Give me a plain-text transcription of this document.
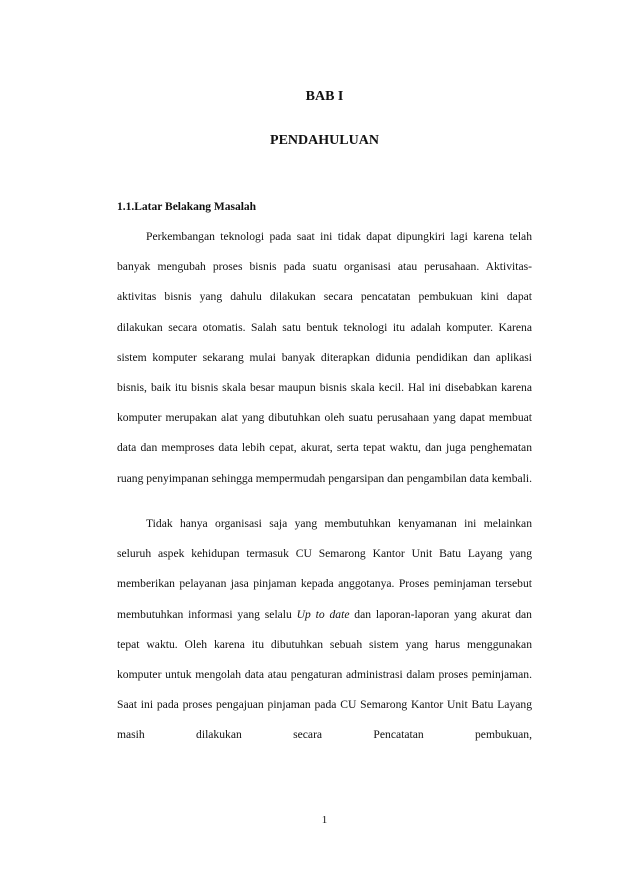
BAB I
PENDAHULUAN
1.1.Latar Belakang Masalah

Perkembangan teknologi pada saat ini tidak dapat dipungkiri lagi karena telah banyak mengubah proses bisnis pada suatu organisasi atau perusahaan. Aktivitas-aktivitas bisnis yang dahulu dilakukan secara pencatatan pembukuan kini dapat dilakukan secara otomatis. Salah satu bentuk teknologi itu adalah komputer. Karena sistem komputer sekarang mulai banyak diterapkan didunia pendidikan dan aplikasi bisnis, baik itu bisnis skala besar maupun bisnis skala kecil. Hal ini disebabkan karena komputer merupakan alat yang dibutuhkan oleh suatu perusahaan yang dapat membuat data dan memproses data lebih cepat, akurat, serta tepat waktu, dan juga penghematan ruang penyimpanan sehingga mempermudah pengarsipan dan pengambilan data kembali.

Tidak hanya organisasi saja yang membutuhkan kenyamanan ini melainkan seluruh aspek kehidupan termasuk CU Semarong Kantor Unit Batu Layang yang memberikan pelayanan jasa pinjaman kepada anggotanya. Proses peminjaman tersebut membutuhkan informasi yang selalu Up to date dan laporan-laporan yang akurat dan tepat waktu. Oleh karena itu dibutuhkan sebuah sistem yang harus menggunakan komputer untuk mengolah data atau pengaturan administrasi dalam proses peminjaman. Saat ini pada proses pengajuan pinjaman pada CU Semarong Kantor Unit Batu Layang masih dilakukan secara Pencatatan pembukuan,

1
